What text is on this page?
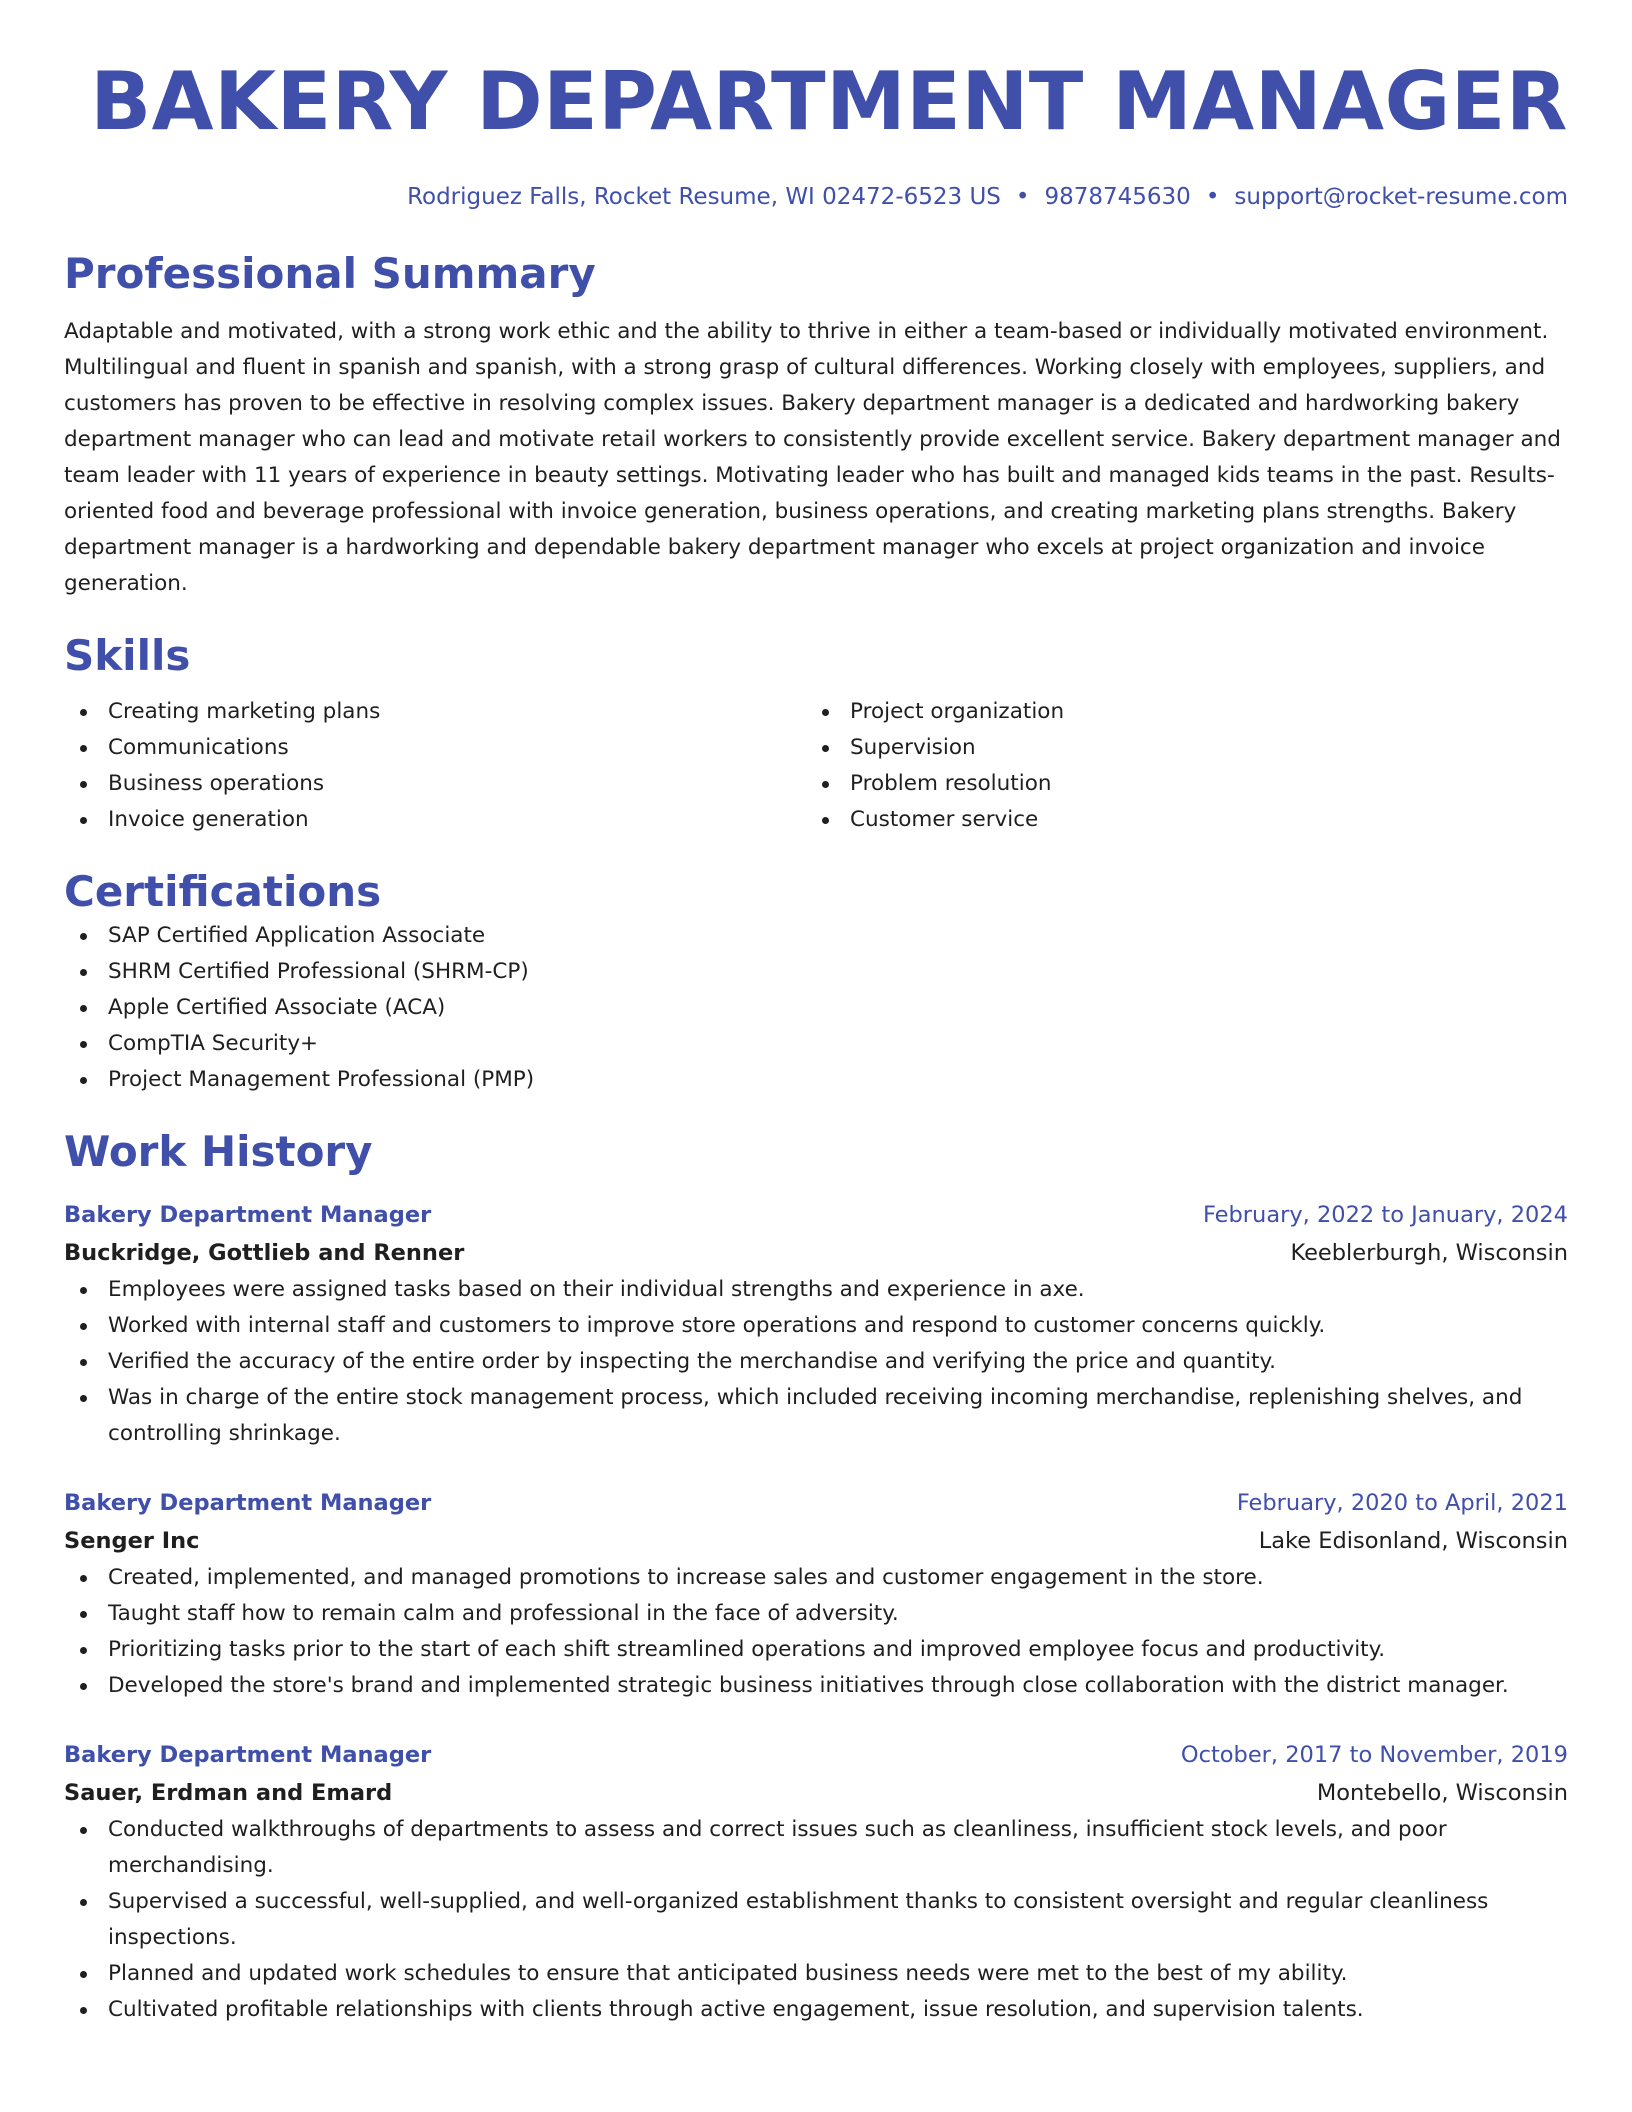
BAKERY DEPARTMENT MANAGER
Rodriguez Falls, Rocket Resume, WI 02472-6523 US • 9878745630 • support@rocket-resume.com
Professional Summary

Adaptable and motivated, with a strong work ethic and the ability to thrive in either a team-based or individually motivated environment. Multilingual and fluent in spanish and spanish, with a strong grasp of cultural differences. Working closely with employees, suppliers, and customers has proven to be effective in resolving complex issues. Bakery department manager is a dedicated and hardworking bakery department manager who can lead and motivate retail workers to consistently provide excellent service. Bakery department manager and team leader with 11 years of experience in beauty settings. Motivating leader who has built and managed kids teams in the past. Results-oriented food and beverage professional with invoice generation, business operations, and creating marketing plans strengths. Bakery department manager is a hardworking and dependable bakery department manager who excels at project organization and invoice generation.

Skills
Creating marketing plans
Communications
Business operations
Invoice generation
Project organization
Supervision
Problem resolution
Customer service
Certifications
SAP Certified Application Associate
SHRM Certified Professional (SHRM-CP)
Apple Certified Associate (ACA)
CompTIA Security+
Project Management Professional (PMP)
Work History
Bakery Department Manager	February, 2022 to January, 2024
Buckridge, Gottlieb and Renner	Keeblerburgh, Wisconsin
Employees were assigned tasks based on their individual strengths and experience in axe.
Worked with internal staff and customers to improve store operations and respond to customer concerns quickly.
Verified the accuracy of the entire order by inspecting the merchandise and verifying the price and quantity.
Was in charge of the entire stock management process, which included receiving incoming merchandise, replenishing shelves, and controlling shrinkage.
Bakery Department Manager	February, 2020 to April, 2021
Senger Inc	Lake Edisonland, Wisconsin
Created, implemented, and managed promotions to increase sales and customer engagement in the store.
Taught staff how to remain calm and professional in the face of adversity.
Prioritizing tasks prior to the start of each shift streamlined operations and improved employee focus and productivity.
Developed the store's brand and implemented strategic business initiatives through close collaboration with the district manager.
Bakery Department Manager	October, 2017 to November, 2019
Sauer, Erdman and Emard	Montebello, Wisconsin
Conducted walkthroughs of departments to assess and correct issues such as cleanliness, insufficient stock levels, and poor merchandising.
Supervised a successful, well-supplied, and well-organized establishment thanks to consistent oversight and regular cleanliness inspections.
Planned and updated work schedules to ensure that anticipated business needs were met to the best of my ability.
Cultivated profitable relationships with clients through active engagement, issue resolution, and supervision talents.
